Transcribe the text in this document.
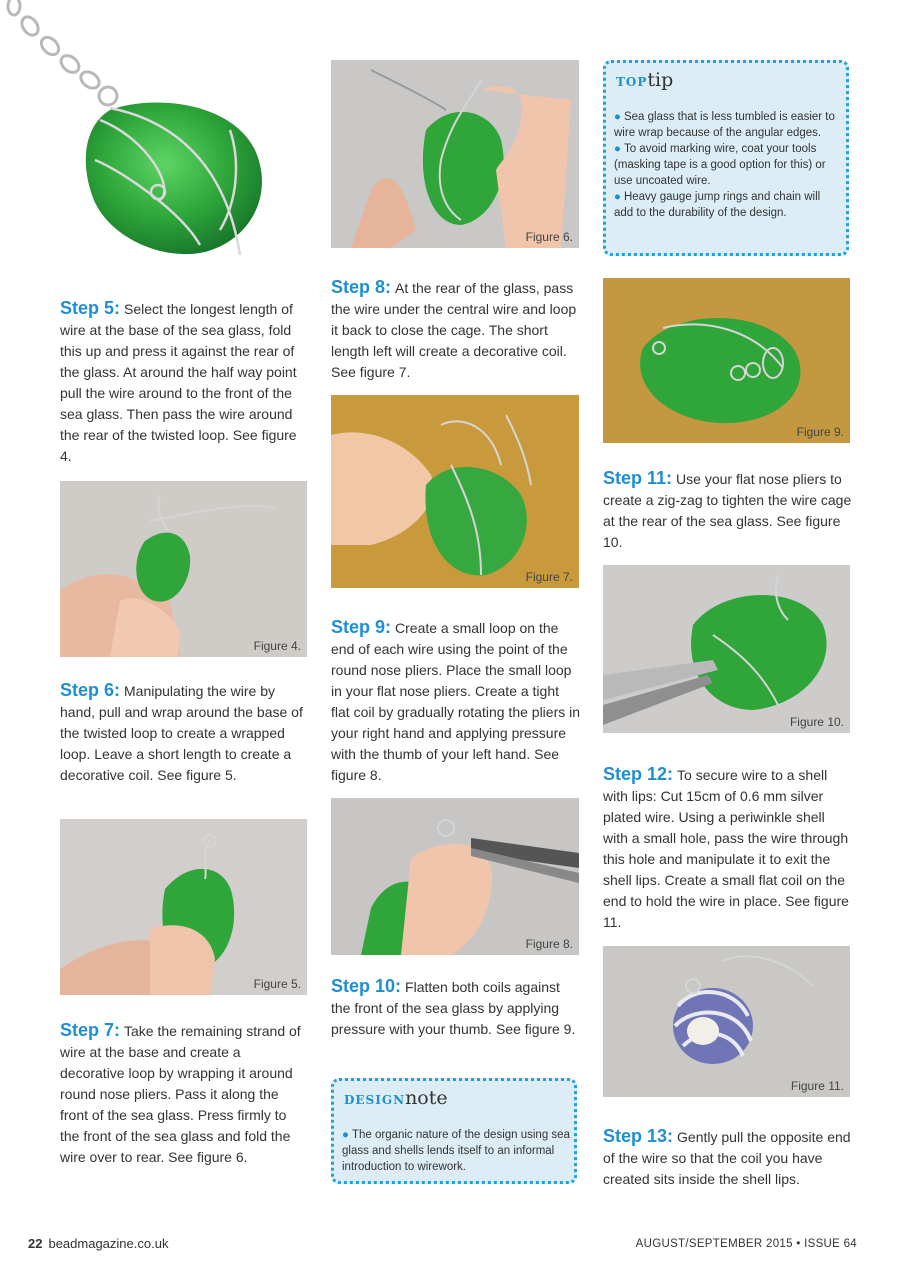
Step 5: Select the longest length of wire at the base of the sea glass, fold this up and press it against the rear of the glass. At around the half way point pull the wire around to the front of the sea glass. Then pass the wire around the rear of the twisted loop. See figure 4.
Figure 4.
Step 6: Manipulating the wire by hand, pull and wrap around the base of the twisted loop to create a wrapped loop. Leave a short length to create a decorative coil. See figure 5.
Figure 5.
Step 7: Take the remaining strand of wire at the base and create a decorative loop by wrapping it around round nose pliers. Pass it along the front of the sea glass. Press firmly to the front of the sea glass and fold the wire over to rear. See figure 6.
Figure 6.
Step 8: At the rear of the glass, pass the wire under the central wire and loop it back to close the cage. The short length left will create a decorative coil. See figure 7.
Figure 7.
Step 9: Create a small loop on the end of each wire using the point of the round nose pliers. Place the small loop in your flat nose pliers. Create a tight flat coil by gradually rotating the pliers in your right hand and applying pressure with the thumb of your left hand. See figure 8.
Figure 8.
Step 10: Flatten both coils against the front of the sea glass by applying pressure with your thumb. See figure 9.
DESIGNnote

● The organic nature of the design using sea glass and shells lends itself to an informal introduction to wirework.

TOPtip

● Sea glass that is less tumbled is easier to wire wrap because of the angular edges.

● To avoid marking wire, coat your tools (masking tape is a good option for this) or use uncoated wire.

● Heavy gauge jump rings and chain will add to the durability of the design.

Figure 9.
Step 11: Use your flat nose pliers to create a zig-zag to tighten the wire cage at the rear of the sea glass. See figure 10.
Figure 10.
Step 12: To secure wire to a shell with lips: Cut 15cm of 0.6 mm silver plated wire. Using a periwinkle shell with a small hole, pass the wire through this hole and manipulate it to exit the shell lips. Create a small flat coil on the end to hold the wire in place. See figure 11.
Figure 11.
Step 13: Gently pull the opposite end of the wire so that the coil you have created sits inside the shell lips.
22 beadmagazine.co.uk	AUGUST/SEPTEMBER 2015 • ISSUE 64
